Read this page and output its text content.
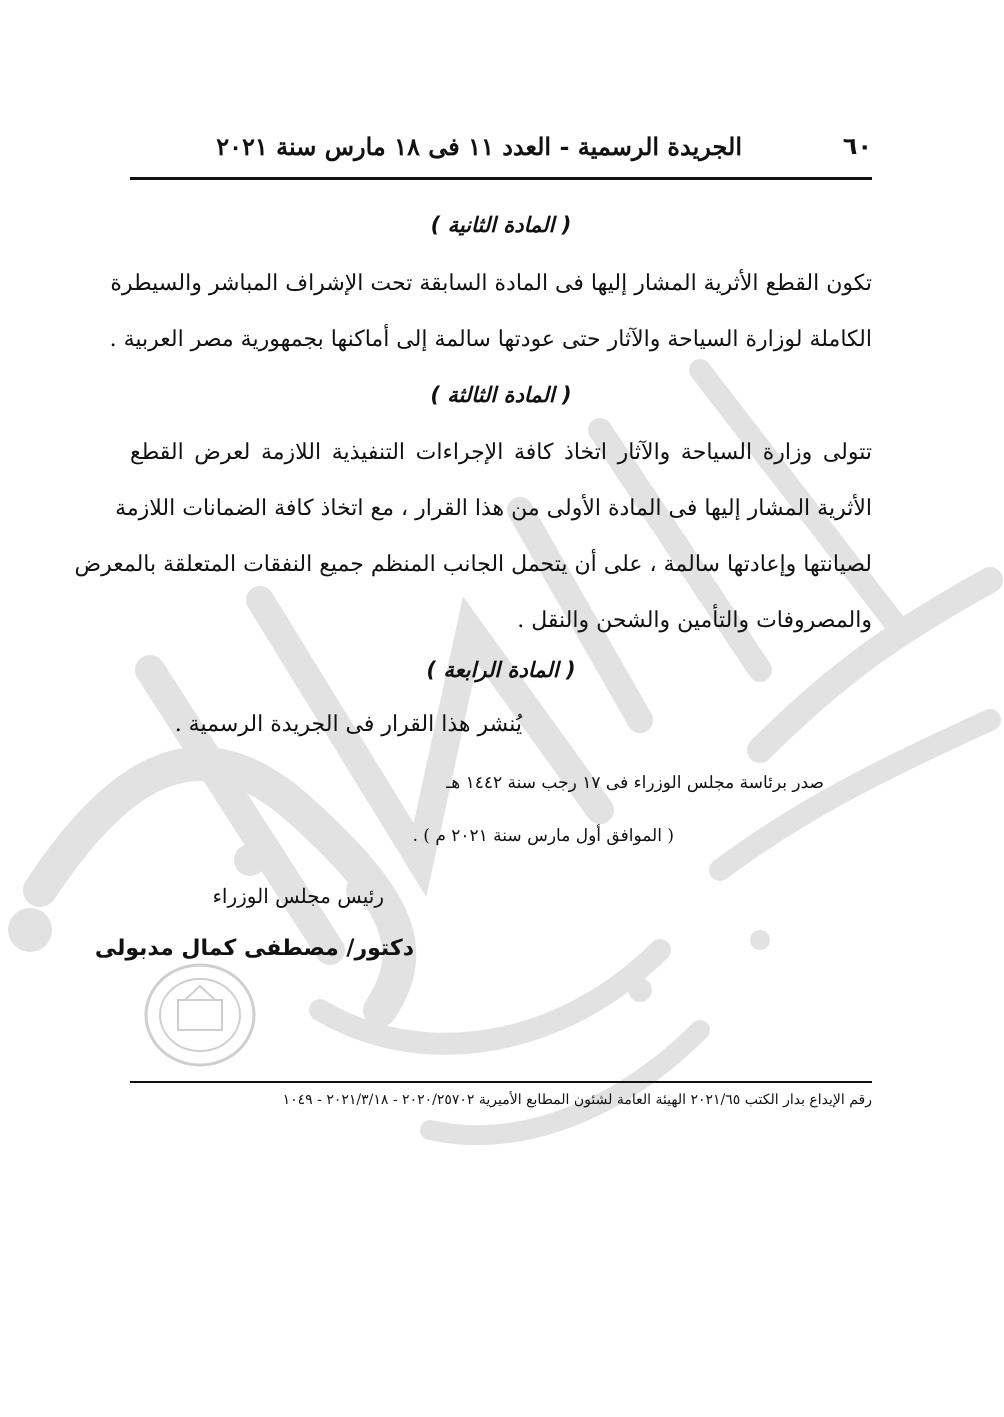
٦٠
الجريدة الرسمية - العدد ١١ فى ١٨ مارس سنة ٢٠٢١
( المادة الثانية )
تكون القطع الأثرية المشار إليها فى المادة السابقة تحت الإشراف المباشر والسيطرة
الكاملة لوزارة السياحة والآثار حتى عودتها سالمة إلى أماكنها بجمهورية مصر العربية .
( المادة الثالثة )
تتولى وزارة السياحة والآثار اتخاذ كافة الإجراءات التنفيذية اللازمة لعرض القطع
الأثرية المشار إليها فى المادة الأولى من هذا القرار ، مع اتخاذ كافة الضمانات اللازمة
لصيانتها وإعادتها سالمة ، على أن يتحمل الجانب المنظم جميع النفقات المتعلقة بالمعرض
والمصروفات والتأمين والشحن والنقل .
( المادة الرابعة )
يُنشر هذا القرار فى الجريدة الرسمية .
صدر برئاسة مجلس الوزراء فى ١٧ رجب سنة ١٤٤٢ هـ
( الموافق أول مارس سنة ٢٠٢١ م ) .
رئيس مجلس الوزراء
دكتور/ مصطفى كمال مدبولى
رقم الإيداع بدار الكتب ٢٠٢١/٦٥ الهيئة العامة لشئون المطابع الأميرية ٢٠٢٠/٢٥٧٠٢ - ٢٠٢١/٣/١٨ - ١٠٤٩
